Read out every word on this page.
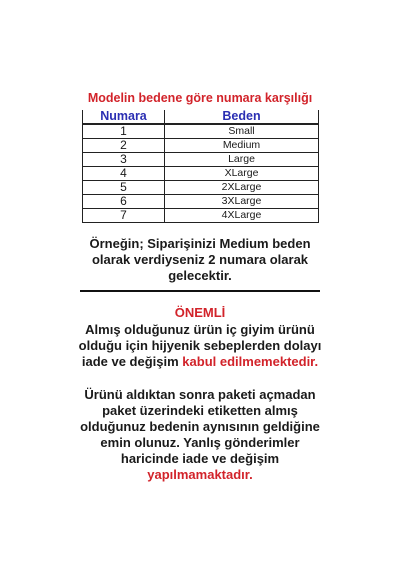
Modelin bedene göre numara karşılığı
Numara	Beden
1	Small
2	Medium
3	Large
4	XLarge
5	2XLarge
6	3XLarge
7	4XLarge
Örneğin; Siparişinizi Medium beden
olarak verdiyseniz 2 numara olarak
gelecektir.
ÖNEMLİ
Almış olduğunuz ürün iç giyim ürünü
olduğu için hijyenik sebeplerden dolayı
iade ve değişim kabul edilmemektedir.
Ürünü aldıktan sonra paketi açmadan
paket üzerindeki etiketten almış
olduğunuz bedenin aynısının geldiğine
emin olunuz. Yanlış gönderimler
haricinde iade ve değişim
yapılmamaktadır.
